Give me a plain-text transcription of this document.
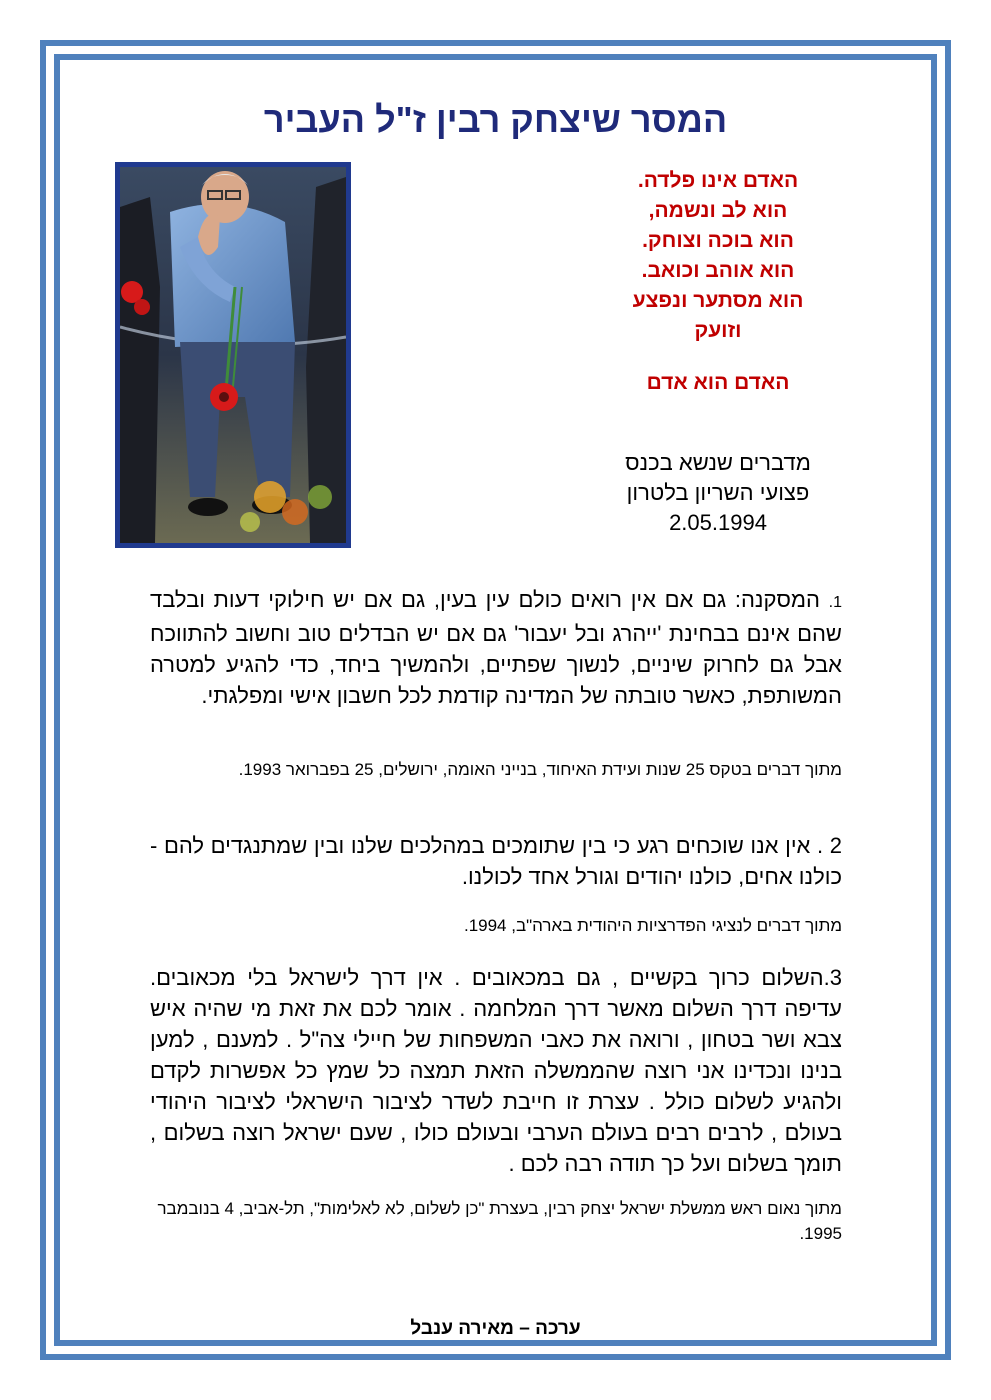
המסר שיצחק רבין ז"ל העביר
האדם אינו פלדה.
הוא לב ונשמה,
הוא בוכה וצוחק.
הוא אוהב וכואב.
הוא מסתער ונפצע
וזועק
האדם הוא אדם
מדברים שנשא בכנס
פצועי השריון בלטרון
2.05.1994

1. המסקנה: גם אם אין רואים כולם עין בעין, גם אם יש חילוקי דעות ובלבד שהם אינם בבחינת 'ייהרג ובל יעבור' גם אם יש הבדלים טוב וחשוב להתווכח אבל גם לחרוק שיניים, לנשוך שפתיים, ולהמשיך ביחד, כדי להגיע למטרה המשותפת, כאשר טובתה של המדינה קודמת לכל חשבון אישי ומפלגתי.

מתוך דברים בטקס 25 שנות ועידת האיחוד, בנייני האומה, ירושלים, 25 בפברואר 1993.

2 . אין אנו שוכחים רגע כי בין שתומכים במהלכים שלנו ובין שמתנגדים להם - כולנו אחים, כולנו יהודים וגורל אחד לכולנו.

מתוך דברים לנציגי הפדרציות היהודית בארה"ב, 1994.

3.השלום כרוך בקשיים , גם במכאובים . אין דרך לישראל בלי מכאובים. עדיפה דרך השלום מאשר דרך המלחמה . אומר לכם את זאת מי שהיה איש צבא ושר בטחון , ורואה את כאבי המשפחות של חיילי צה"ל . למענם , למען בנינו ונכדינו אני רוצה שהממשלה הזאת תמצה כל שמץ כל אפשרות לקדם ולהגיע לשלום כולל . עצרת זו חייבת לשדר לציבור הישראלי לציבור היהודי בעולם , לרבים רבים בעולם הערבי ובעולם כולו , שעם ישראל רוצה בשלום , תומך בשלום ועל כך תודה רבה לכם .

מתוך נאום ראש ממשלת ישראל יצחק רבין, בעצרת "כן לשלום, לא לאלימות", תל-אביב, 4 בנובמבר 1995.

ערכה – מאירה ענבל
